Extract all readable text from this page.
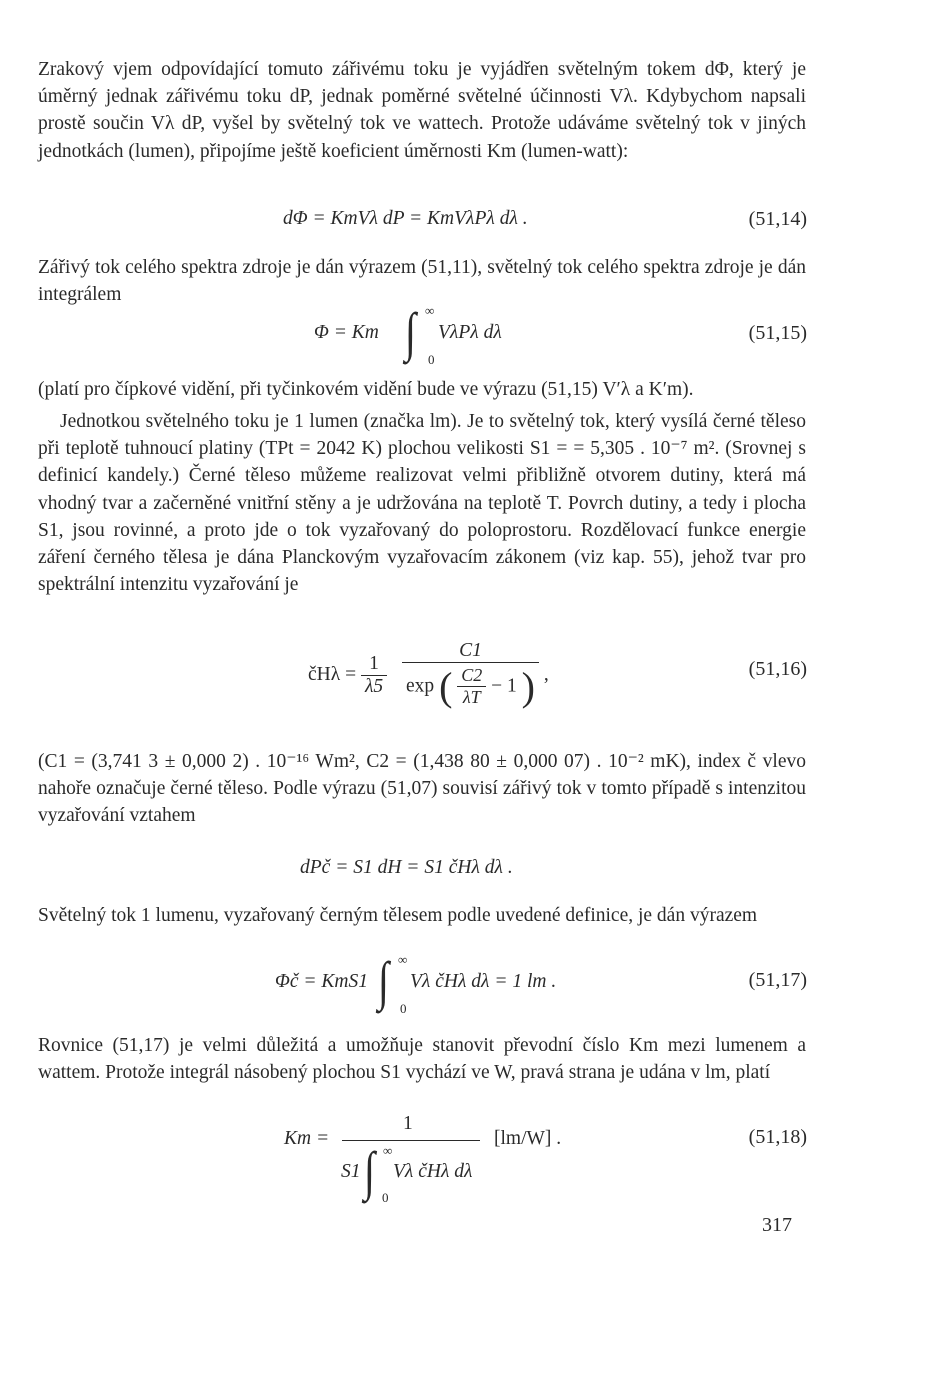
Zrakový vjem odpovídající tomuto zářivému toku je vyjádřen světelným tokem dΦ, který je úměrný jednak zářivému toku dP, jednak poměrné světelné účinnosti Vλ. Kdybychom napsali prostě součin Vλ dP, vyšel by světelný tok ve wattech. Protože udáváme světelný tok v jiných jednotkách (lumen), připojíme ještě koeficient úměrnosti Km (lumen-watt):

dΦ = KmVλ dP = KmVλPλ dλ .	(51,14)

Zářivý tok celého spektra zdroje je dán výrazem (51,11), světelný tok celého spektra zdroje je dán integrálem

Φ = Km ∫ ∞
0
VλPλ dλ	(51,15)

(platí pro čípkové vidění, při tyčinkovém vidění bude ve výrazu (51,15) V′λ a K′m).

Jednotkou světelného toku je 1 lumen (značka lm). Je to světelný tok, který vysílá černé těleso při teplotě tuhnoucí platiny (TPt = 2042 K) plochou velikosti S1 = = 5,305 . 10⁻⁷ m². (Srovnej s definicí kandely.) Černé těleso můžeme realizovat velmi přibližně otvorem dutiny, která má vhodný tvar a začerněné vnitřní stěny a je udržována na teplotě T. Povrch dutiny, a tedy i plocha S1, jsou rovinné, a proto jde o tok vyzařovaný do poloprostoru. Rozdělovací funkce energie záření černého tělesa je dána Planckovým vyzařovacím zákonem (viz kap. 55), jehož tvar pro spektrální intenzitu vyzařování je

čHλ = $\frac{1}{\lambda 5}$

C1
exp ( $\frac{C2}{\lambda T} - 1$ ) ,	(51,16)

(C1 = (3,741 3 ± 0,000 2) . 10⁻¹⁶ Wm², C2 = (1,438 80 ± 0,000 07) . 10⁻² mK), index č vlevo nahoře označuje černé těleso. Podle výrazu (51,07) souvisí zářivý tok v tomto případě s intenzitou vyzařování vztahem

dPč = S1 dH = S1 čHλ dλ .

Světelný tok 1 lumenu, vyzařovaný černým tělesem podle uvedené definice, je dán výrazem

Φč = KmS1 ∫ ∞
0
Vλ čHλ dλ = 1 lm .	(51,17)

Rovnice (51,17) je velmi důležitá a umožňuje stanovit převodní číslo Km mezi lumenem a wattem. Protože integrál násobený plochou S1 vychází ve W, pravá strana je udána v lm, platí

Km =
1
S1 ∫ ∞
0
Vλ čHλ dλ
[lm/W] .	(51,18)
317
